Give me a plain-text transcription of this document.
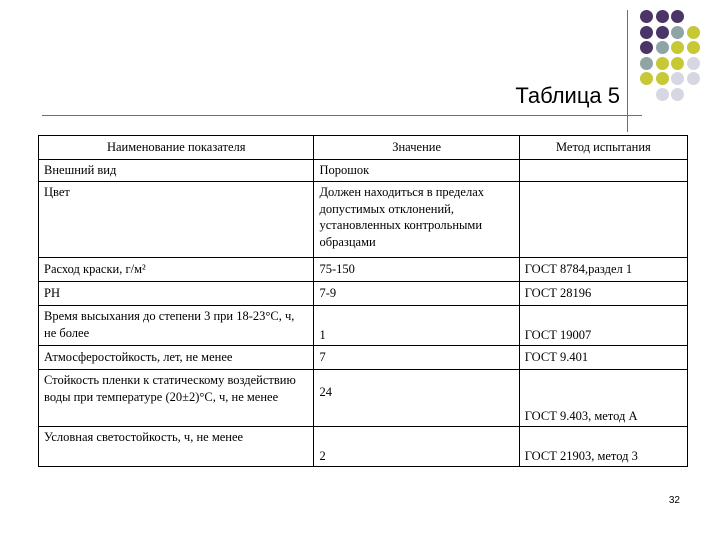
Таблица 5
Наименование показателя	Значение	Метод испытания
Внешний вид	Порошок	
Цвет	Должен находиться в пределах допустимых отклонений, установленных контрольными образцами	
Расход краски, г/м²	75-150	ГОСТ 8784,раздел 1
PH	7-9	ГОСТ 28196
Время высыхания до степени 3 при 18-23°С, ч, не более	1	ГОСТ 19007
Атмосферостойкость, лет, не менее	7	ГОСТ 9.401
Стойкость пленки к статическому воздействию воды при температуре (20±2)°С, ч, не менее	24	ГОСТ 9.403, метод А
Условная светостойкость, ч, не менее	2	ГОСТ 21903, метод 3
32
